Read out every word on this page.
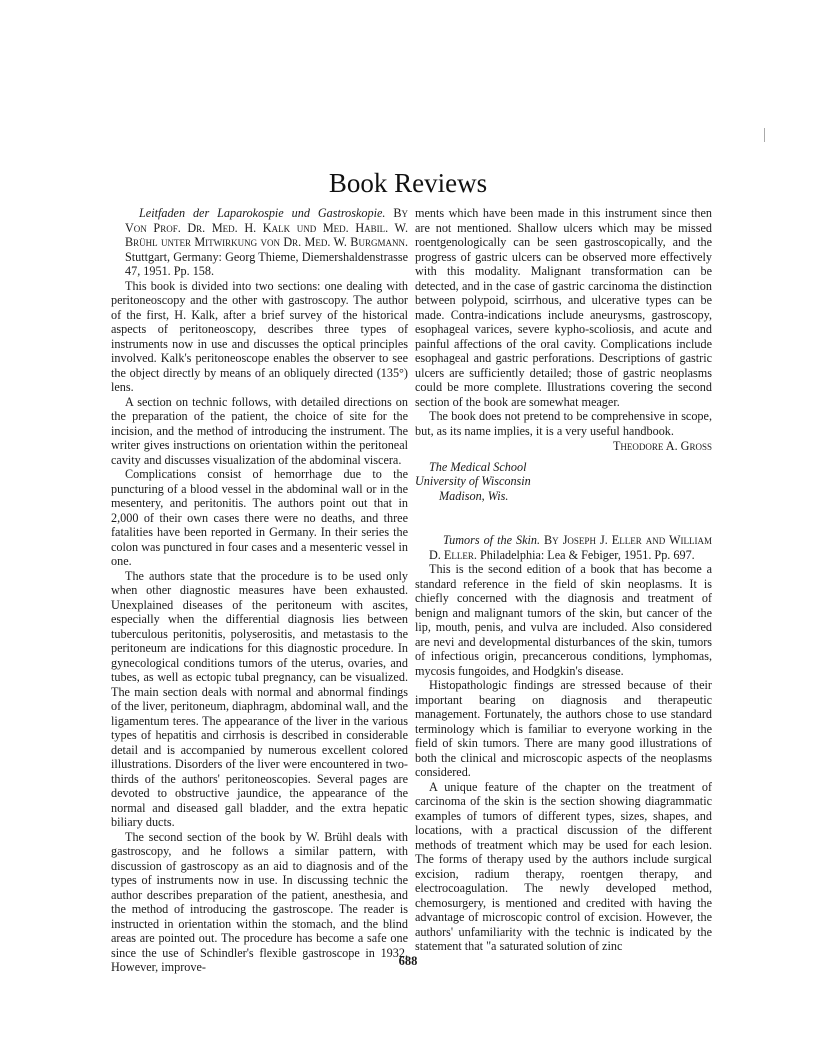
Book Reviews

Leitfaden der Laparokospie und Gastroskopie. By Von Prof. Dr. Med. H. Kalk und Med. Habil. W. Brühl unter Mitwirkung von Dr. Med. W. Burgmann. Stuttgart, Germany: Georg Thieme, Diemershaldenstrasse 47, 1951. Pp. 158.

This book is divided into two sections: one dealing with peritoneoscopy and the other with gastroscopy. The author of the first, H. Kalk, after a brief survey of the historical aspects of peritoneoscopy, describes three types of instruments now in use and discusses the optical principles involved. Kalk's peritoneoscope enables the observer to see the object directly by means of an obliquely directed (135°) lens.

A section on technic follows, with detailed directions on the preparation of the patient, the choice of site for the incision, and the method of introducing the instrument. The writer gives instructions on orientation within the peritoneal cavity and discusses visualization of the abdominal viscera.

Complications consist of hemorrhage due to the puncturing of a blood vessel in the abdominal wall or in the mesentery, and peritonitis. The authors point out that in 2,000 of their own cases there were no deaths, and three fatalities have been reported in Germany. In their series the colon was punctured in four cases and a mesenteric vessel in one.

The authors state that the procedure is to be used only when other diagnostic measures have been exhausted. Unexplained diseases of the peritoneum with ascites, especially when the differential diagnosis lies between tuberculous peritonitis, polyserositis, and metastasis to the peritoneum are indications for this diagnostic procedure. In gynecological conditions tumors of the uterus, ovaries, and tubes, as well as ectopic tubal pregnancy, can be visualized. The main section deals with normal and abnormal findings of the liver, peritoneum, diaphragm, abdominal wall, and the ligamentum teres. The appearance of the liver in the various types of hepatitis and cirrhosis is described in considerable detail and is accompanied by numerous excellent colored illustrations. Disorders of the liver were encountered in two-thirds of the authors' peritoneoscopies. Several pages are devoted to obstructive jaundice, the appearance of the normal and diseased gall bladder, and the extra hepatic biliary ducts.

The second section of the book by W. Brühl deals with gastroscopy, and he follows a similar pattern, with discussion of gastroscopy as an aid to diagnosis and of the types of instruments now in use. In discussing technic the author describes preparation of the patient, anesthesia, and the method of introducing the gastroscope. The reader is instructed in orientation within the stomach, and the blind areas are pointed out. The procedure has become a safe one since the use of Schindler's flexible gastroscope in 1932. However, improve-

ments which have been made in this instrument since then are not mentioned. Shallow ulcers which may be missed roentgenologically can be seen gastroscopically, and the progress of gastric ulcers can be observed more effectively with this modality. Malignant transformation can be detected, and in the case of gastric carcinoma the distinction between polypoid, scirrhous, and ulcerative types can be made. Contra-indications include aneurysms, gastroscopy, esophageal varices, severe kypho-scoliosis, and acute and painful affections of the oral cavity. Complications include esophageal and gastric perforations. Descriptions of gastric ulcers are sufficiently detailed; those of gastric neoplasms could be more complete. Illustrations covering the second section of the book are somewhat meager.

The book does not pretend to be comprehensive in scope, but, as its name implies, it is a very useful handbook.

Theodore A. Gross
The Medical School
University of Wisconsin
Madison, Wis.

Tumors of the Skin. By Joseph J. Eller and William D. Eller. Philadelphia: Lea & Febiger, 1951. Pp. 697.

This is the second edition of a book that has become a standard reference in the field of skin neoplasms. It is chiefly concerned with the diagnosis and treatment of benign and malignant tumors of the skin, but cancer of the lip, mouth, penis, and vulva are included. Also considered are nevi and developmental disturbances of the skin, tumors of infectious origin, precancerous conditions, lymphomas, mycosis fungoides, and Hodgkin's disease.

Histopathologic findings are stressed because of their important bearing on diagnosis and therapeutic management. Fortunately, the authors chose to use standard terminology which is familiar to everyone working in the field of skin tumors. There are many good illustrations of both the clinical and microscopic aspects of the neoplasms considered.

A unique feature of the chapter on the treatment of carcinoma of the skin is the section showing diagrammatic examples of tumors of different types, sizes, shapes, and locations, with a practical discussion of the different methods of treatment which may be used for each lesion. The forms of therapy used by the authors include surgical excision, radium therapy, roentgen therapy, and electrocoagulation. The newly developed method, chemosurgery, is mentioned and credited with having the advantage of microscopic control of excision. However, the authors' unfamiliarity with the technic is indicated by the statement that "a saturated solution of zinc

688
